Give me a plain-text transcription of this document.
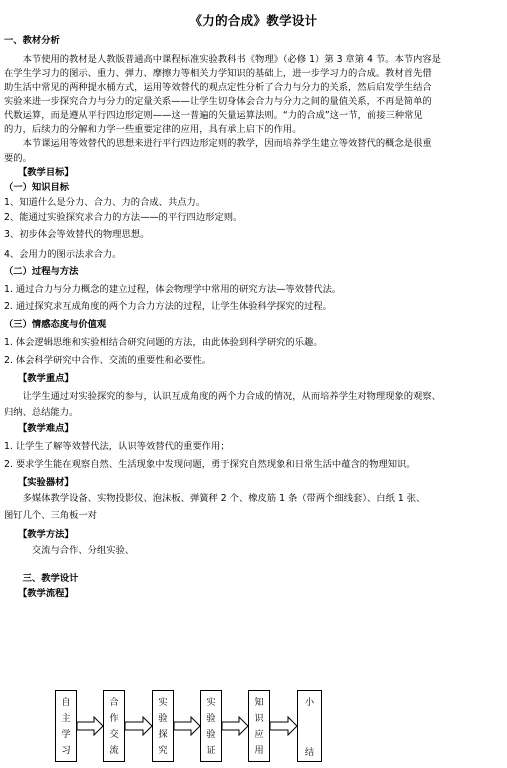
《力的合成》教学设计
一、教材分析
　　本节使用的教材是人教版普通高中课程标准实验教科书《物理》（必修 1）第 3 章第 4 节。本节内容是
在学生学习力的图示、重力、弹力、摩擦力等相关力学知识的基础上，进一步学习力的合成。教材首先借
助生活中常见的两种提水桶方式，运用等效替代的观点定性分析了合力与分力的关系，然后启发学生结合
实验来进一步探究合力与分力的定量关系——让学生切身体会合力与分力之间的量值关系，不再是简单的
代数运算，而是遵从平行四边形定则——这一普遍的矢量运算法则。“力的合成”这一节，前接三种常见
的力，后续力的分解和力学一些重要定律的应用，具有承上启下的作用。
　　本节课运用等效替代的思想来进行平行四边形定则的教学，因而培养学生建立等效替代的概念是很重
要的。
　　【教学目标】
（一）知识目标
1、知道什么是分力、合力、力的合成、共点力。
2、能通过实验探究求合力的方法——的平行四边形定则。
3、初步体会等效替代的物理思想。
4、会用力的图示法求合力。
（二）过程与方法
1. 通过合力与分力概念的建立过程，体会物理学中常用的研究方法—等效替代法。
2. 通过探究求互成角度的两个力合力方法的过程，让学生体验科学探究的过程。
（三）情感态度与价值观
1. 体会逻辑思维和实验相结合研究问题的方法，由此体验到科学研究的乐趣。
2. 体会科学研究中合作、交流的重要性和必要性。
　　【教学重点】
　　让学生通过对实验探究的参与，认识互成角度的两个力合成的情况，从而培养学生对物理现象的观察、
归纳、总结能力。
　　【教学难点】
1. 让学生了解等效替代法，认识等效替代的重要作用；
2. 要求学生能在观察自然、生活现象中发现问题，勇于探究自然现象和日常生活中蕴含的物理知识。
　　【实验器材】
　　多媒体教学设备、实物投影仪、泡沫板、弹簧秤 2 个、橡皮筋 1 条（带两个细线套）、白纸 1 张、
图钉几个、三角板一对
　　【教学方法】
　　　交流与合作、分组实验、
　　三、教学设计
　　【教学流程】
自
主
学
习
合
作
交
流
实
验
探
究
实
验
验
证
知
识
应
用
小
结
